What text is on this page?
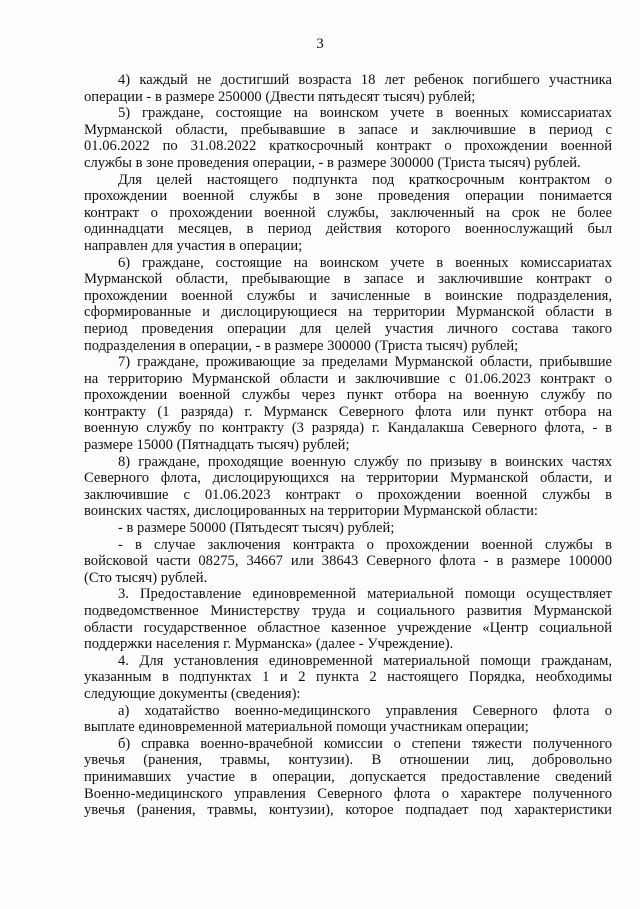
3
4) каждый не достигший возраста 18 лет ребенок погибшего участника
операции - в размере 250000 (Двести пятьдесят тысяч) рублей;
5) граждане, состоящие на воинском учете в военных комиссариатах
Мурманской области, пребывавшие в запасе и заключившие в период с
01.06.2022 по 31.08.2022 краткосрочный контракт о прохождении военной
службы в зоне проведения операции, - в размере 300000 (Триста тысяч) рублей.
Для целей настоящего подпункта под краткосрочным контрактом о
прохождении военной службы в зоне проведения операции понимается
контракт о прохождении военной службы, заключенный на срок не более
одиннадцати месяцев, в период действия которого военнослужащий был
направлен для участия в операции;
6) граждане, состоящие на воинском учете в военных комиссариатах
Мурманской области, пребывающие в запасе и заключившие контракт о
прохождении военной службы и зачисленные в воинские подразделения,
сформированные и дислоцирующиеся на территории Мурманской области в
период проведения операции для целей участия личного состава такого
подразделения в операции, - в размере 300000 (Триста тысяч) рублей;
7) граждане, проживающие за пределами Мурманской области, прибывшие
на территорию Мурманской области и заключившие с 01.06.2023 контракт о
прохождении военной службы через пункт отбора на военную службу по
контракту (1 разряда) г. Мурманск Северного флота или пункт отбора на
военную службу по контракту (3 разряда) г. Кандалакша Северного флота, - в
размере 15000 (Пятнадцать тысяч) рублей;
8) граждане, проходящие военную службу по призыву в воинских частях
Северного флота, дислоцирующихся на территории Мурманской области, и
заключившие с 01.06.2023 контракт о прохождении военной службы в
воинских частях, дислоцированных на территории Мурманской области:
- в размере 50000 (Пятьдесят тысяч) рублей;
- в случае заключения контракта о прохождении военной службы в
войсковой части 08275, 34667 или 38643 Северного флота - в размере 100000
(Сто тысяч) рублей.
3. Предоставление единовременной материальной помощи осуществляет
подведомственное Министерству труда и социального развития Мурманской
области государственное областное казенное учреждение «Центр социальной
поддержки населения г. Мурманска» (далее - Учреждение).
4. Для установления единовременной материальной помощи гражданам,
указанным в подпунктах 1 и 2 пункта 2 настоящего Порядка, необходимы
следующие документы (сведения):
а) ходатайство военно-медицинского управления Северного флота о
выплате единовременной материальной помощи участникам операции;
б) справка военно-врачебной комиссии о степени тяжести полученного
увечья (ранения, травмы, контузии). В отношении лиц, добровольно
принимавших участие в операции, допускается предоставление сведений
Военно-медицинского управления Северного флота о характере полученного
увечья (ранения, травмы, контузии), которое подпадает под характеристики
